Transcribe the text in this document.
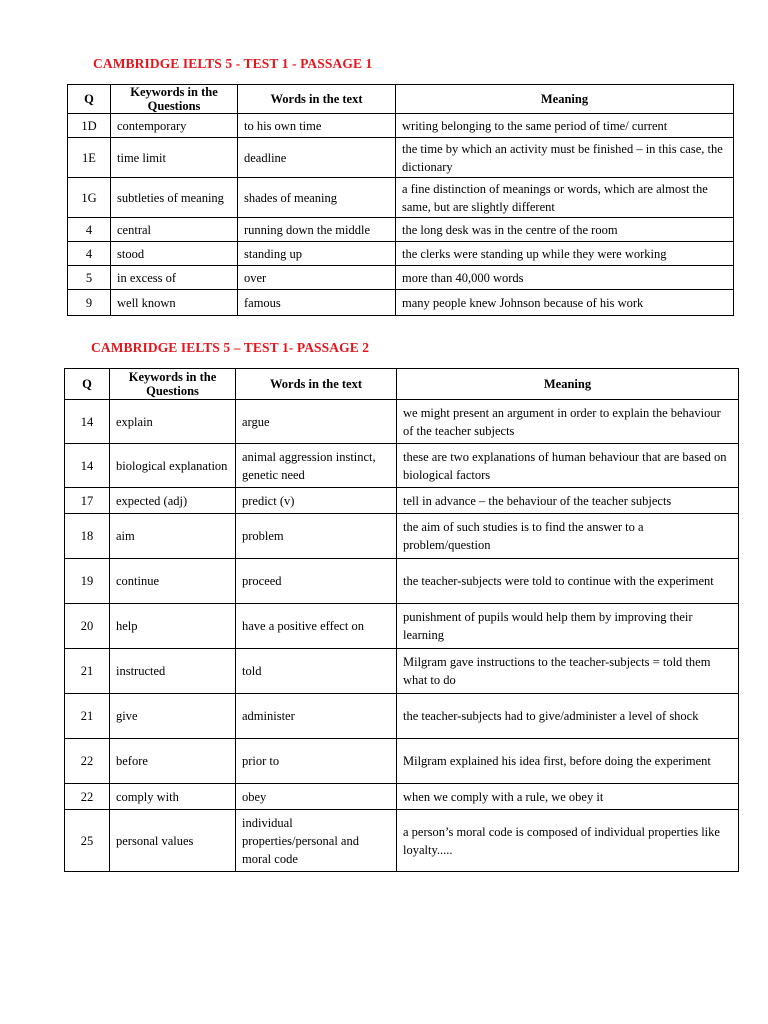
CAMBRIDGE IELTS 5 - TEST 1 - PASSAGE 1
Q	Keywords in the Questions	Words in the text	Meaning
1D	contemporary	to his own time	writing belonging to the same period of time/ current
1E	time limit	deadline	the time by which an activity must be finished – in this case, the dictionary
1G	subtleties of meaning	shades of meaning	a fine distinction of meanings or words, which are almost the same, but are slightly different
4	central	running down the middle	the long desk was in the centre of the room
4	stood	standing up	the clerks were standing up while they were working
5	in excess of	over	more than 40,000 words
9	well known	famous	many people knew Johnson because of his work
CAMBRIDGE IELTS 5 – TEST 1- PASSAGE 2
Q	Keywords in the Questions	Words in the text	Meaning
14	explain	argue	we might present an argument in order to explain the behaviour of the teacher subjects
14	biological explanation	animal aggression instinct, genetic need	these are two explanations of human behaviour that are based on biological factors
17	expected (adj)	predict (v)	tell in advance – the behaviour of the teacher subjects
18	aim	problem	the aim of such studies is to find the answer to a problem/question
19	continue	proceed	the teacher-subjects were told to continue with the experiment
20	help	have a positive effect on	punishment of pupils would help them by improving their learning
21	instructed	told	Milgram gave instructions to the teacher-subjects = told them what to do
21	give	administer	the teacher-subjects had to give/administer a level of shock
22	before	prior to	Milgram explained his idea first, before doing the experiment
22	comply with	obey	when we comply with a rule, we obey it
25	personal values	individual properties/personal and moral code	a person’s moral code is composed of individual properties like loyalty.....
